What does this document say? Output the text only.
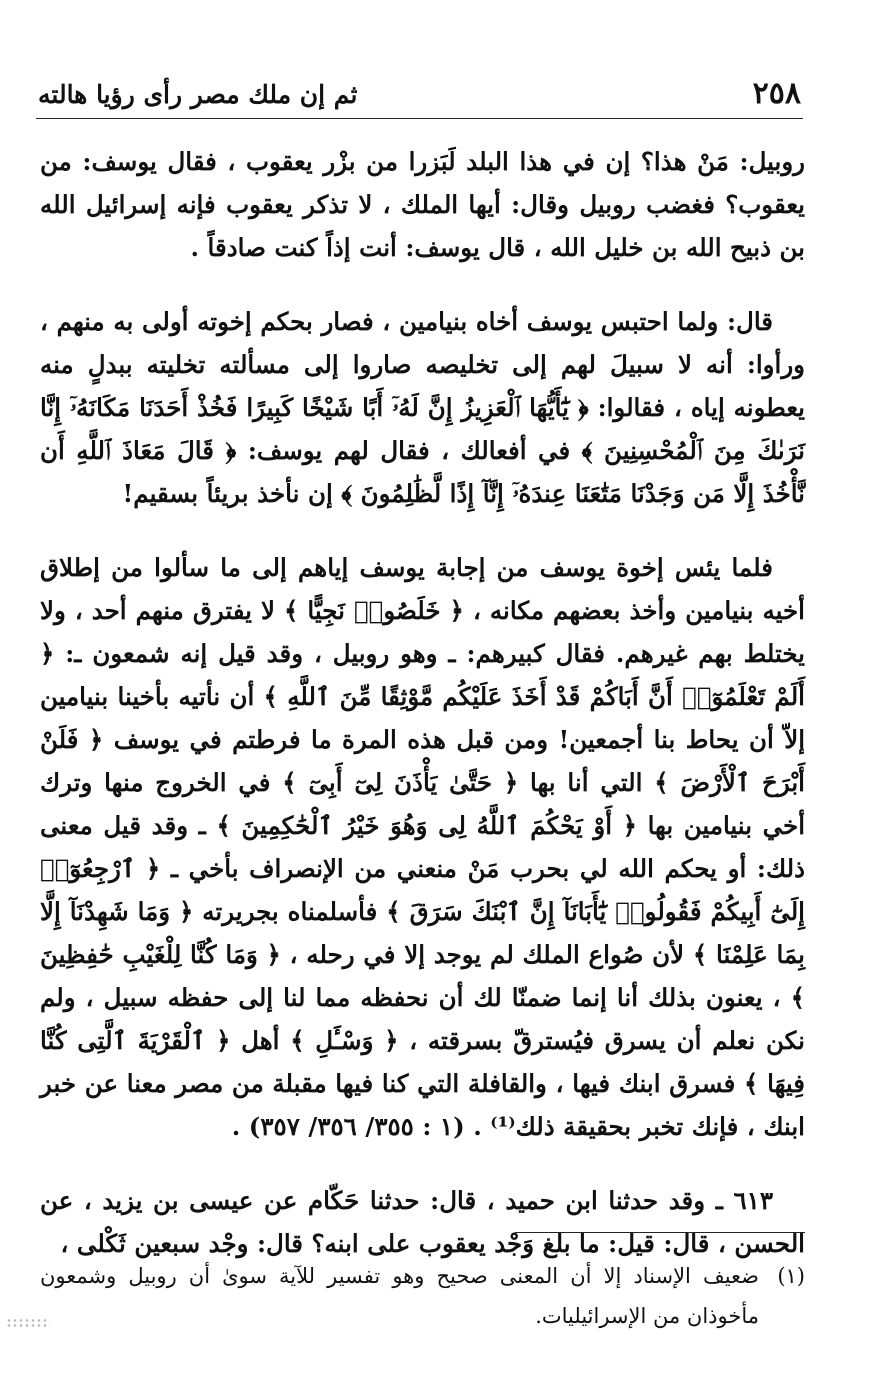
٢٥٨
ثم إن ملك مصر رأى رؤيا هالته

روبيل: مَنْ هذا؟ إن في هذا البلد لَبَزرا من بزْر يعقوب ، فقال يوسف: من يعقوب؟ فغضب روبيل وقال: أيها الملك ، لا تذكر يعقوب فإنه إسرائيل الله بن ذبيح الله بن خليل الله ، قال يوسف: أنت إذاً كنت صادقاً .

قال: ولما احتبس يوسف أخاه بنيامين ، فصار بحكم إخوته أولى به منهم ، ورأوا: أنه لا سبيلَ لهم إلى تخليصه صاروا إلى مسألته تخليته ببدلٍ منه يعطونه إياه ، فقالوا: ﴿ يَٰٓأَيُّهَا ٱلْعَزِيزُ إِنَّ لَهُۥٓ أَبًا شَيْخًا كَبِيرًا فَخُذْ أَحَدَنَا مَكَانَهُۥٓ إِنَّا نَرَىٰكَ مِنَ ٱلْمُحْسِنِينَ ﴾ في أفعالك ، فقال لهم يوسف: ﴿ قَالَ مَعَاذَ ٱللَّهِ أَن نَّأْخُذَ إِلَّا مَن وَجَدْنَا مَتَٰعَنَا عِندَهُۥٓ إِنَّآ إِذًا لَّظَٰلِمُونَ ﴾ إن نأخذ بريئاً بسقيم!

فلما يئس إخوة يوسف من إجابة يوسف إياهم إلى ما سألوا من إطلاق أخيه بنيامين وأخذ بعضهم مكانه ، ﴿ خَلَصُوا۟ نَجِيًّا ﴾ لا يفترق منهم أحد ، ولا يختلط بهم غيرهم. فقال كبيرهم: ـ وهو روبيل ، وقد قيل إنه شمعون ـ: ﴿ أَلَمْ تَعْلَمُوٓا۟ أَنَّ أَبَاكُمْ قَدْ أَخَذَ عَلَيْكُم مَّوْثِقًا مِّنَ ٱللَّهِ ﴾ أن نأتيه بأخينا بنيامين إلاّ أن يحاط بنا أجمعين! ومن قبل هذه المرة ما فرطتم في يوسف ﴿ فَلَنْ أَبْرَحَ ٱلْأَرْضَ ﴾ التي أنا بها ﴿ حَتَّىٰ يَأْذَنَ لِىٓ أَبِىٓ ﴾ في الخروج منها وترك أخي بنيامين بها ﴿ أَوْ يَحْكُمَ ٱللَّهُ لِى وَهُوَ خَيْرُ ٱلْحَٰكِمِينَ ﴾ ـ وقد قيل معنى ذلك: أو يحكم الله لي بحرب مَنْ منعني من الإنصراف بأخي ـ ﴿ ٱرْجِعُوٓا۟ إِلَىٰٓ أَبِيكُمْ فَقُولُوا۟ يَٰٓأَبَانَآ إِنَّ ٱبْنَكَ سَرَقَ ﴾ فأسلمناه بجريرته ﴿ وَمَا شَهِدْنَآ إِلَّا بِمَا عَلِمْنَا ﴾ لأن صُواع الملك لم يوجد إلا في رحله ، ﴿ وَمَا كُنَّا لِلْغَيْبِ حَٰفِظِينَ ﴾ ، يعنون بذلك أنا إنما ضمنّا لك أن نحفظه مما لنا إلى حفظه سبيل ، ولم نكن نعلم أن يسرق فيُسترقّ بسرقته ، ﴿ وَسْـَٔلِ ﴾ أهل ﴿ ٱلْقَرْيَةَ ٱلَّتِى كُنَّا فِيهَا ﴾ فسرق ابنك فيها ، والقافلة التي كنا فيها مقبلة من مصر معنا عن خبر ابنك ، فإنك تخبر بحقيقة ذلك⁽¹⁾ . (١ : ٣٥٥/ ٣٥٦/ ٣٥٧) .

٦١٣ ـ وقد حدثنا ابن حميد ، قال: حدثنا حَكّام عن عيسى بن يزيد ، عن الحسن ، قال: قيل: ما بلغ وَجْد يعقوب على ابنه؟ قال: وجْد سبعين ثَكْلى ،

(١)ضعيف الإسناد إلا أن المعنى صحيح وهو تفسير للآية سوىٰ أن روبيل وشمعون مأخوذان من الإسرائيليات.
